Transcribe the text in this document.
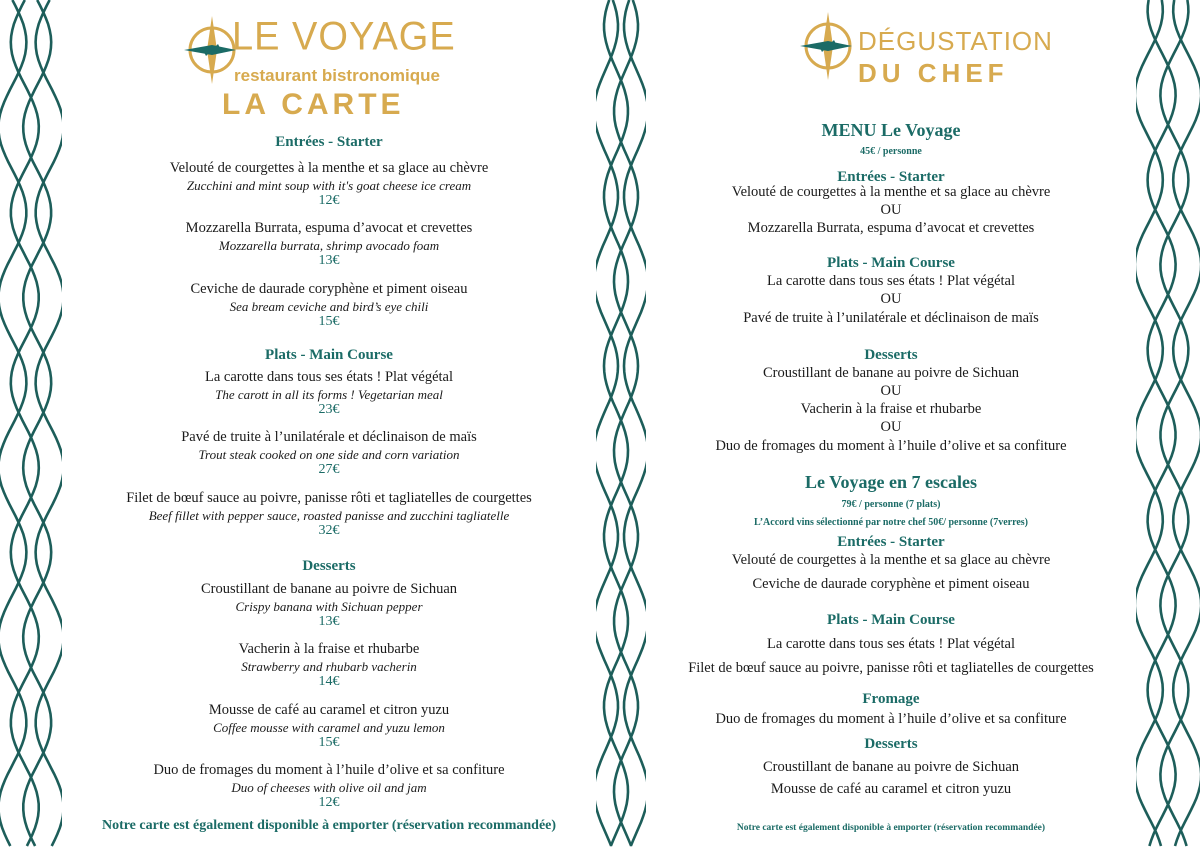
LE VOYAGE
restaurant bistronomique
LA CARTE
Entrées - Starter
Velouté de courgettes à la menthe et sa glace au chèvre
Zucchini and mint soup with it's goat cheese ice cream
12€
Mozzarella Burrata, espuma d’avocat et crevettes
Mozzarella burrata, shrimp avocado foam
13€
Ceviche de daurade coryphène et piment oiseau
Sea bream ceviche and bird’s eye chili
15€
Plats - Main Course
La carotte dans tous ses états ! Plat végétal
The carott in all its forms ! Vegetarian meal
23€
Pavé de truite à l’unilatérale et déclinaison de maïs
Trout steak cooked on one side and corn variation
27€
Filet de bœuf sauce au poivre, panisse rôti et tagliatelles de courgettes
Beef fillet with pepper sauce, roasted panisse and zucchini tagliatelle
32€
Desserts
Croustillant de banane au poivre de Sichuan
Crispy banana with Sichuan pepper
13€
Vacherin à la fraise et rhubarbe
Strawberry and rhubarb vacherin
14€
Mousse de café au caramel et citron yuzu
Coffee mousse with caramel and yuzu lemon
15€
Duo de fromages du moment à l’huile d’olive et sa confiture
Duo of cheeses with olive oil and jam
12€
Notre carte est également disponible à emporter (réservation recommandée)
DÉGUSTATION
DU CHEF
MENU Le Voyage
45€ / personne
Entrées - Starter
Plats - Main Course
Desserts
Le Voyage en 7 escales
79€ / personne (7 plats)
L’Accord vins sélectionné par notre chef 50€/ personne (7verres)
Entrées - Starter
Plats - Main Course
Fromage
Desserts
Velouté de courgettes à la menthe et sa glace au chèvre
OU
Mozzarella Burrata, espuma d’avocat et crevettes
La carotte dans tous ses états ! Plat végétal
OU
Pavé de truite à l’unilatérale et déclinaison de maïs
Croustillant de banane au poivre de Sichuan
OU
Vacherin à la fraise et rhubarbe
OU
Duo de fromages du moment à l’huile d’olive et sa confiture
Velouté de courgettes à la menthe et sa glace au chèvre
Ceviche de daurade coryphène et piment oiseau
La carotte dans tous ses états ! Plat végétal
Filet de bœuf sauce au poivre, panisse rôti et tagliatelles de courgettes
Duo de fromages du moment à l’huile d’olive et sa confiture
Croustillant de banane au poivre de Sichuan
Mousse de café au caramel et citron yuzu
Notre carte est également disponible à emporter (réservation recommandée)
